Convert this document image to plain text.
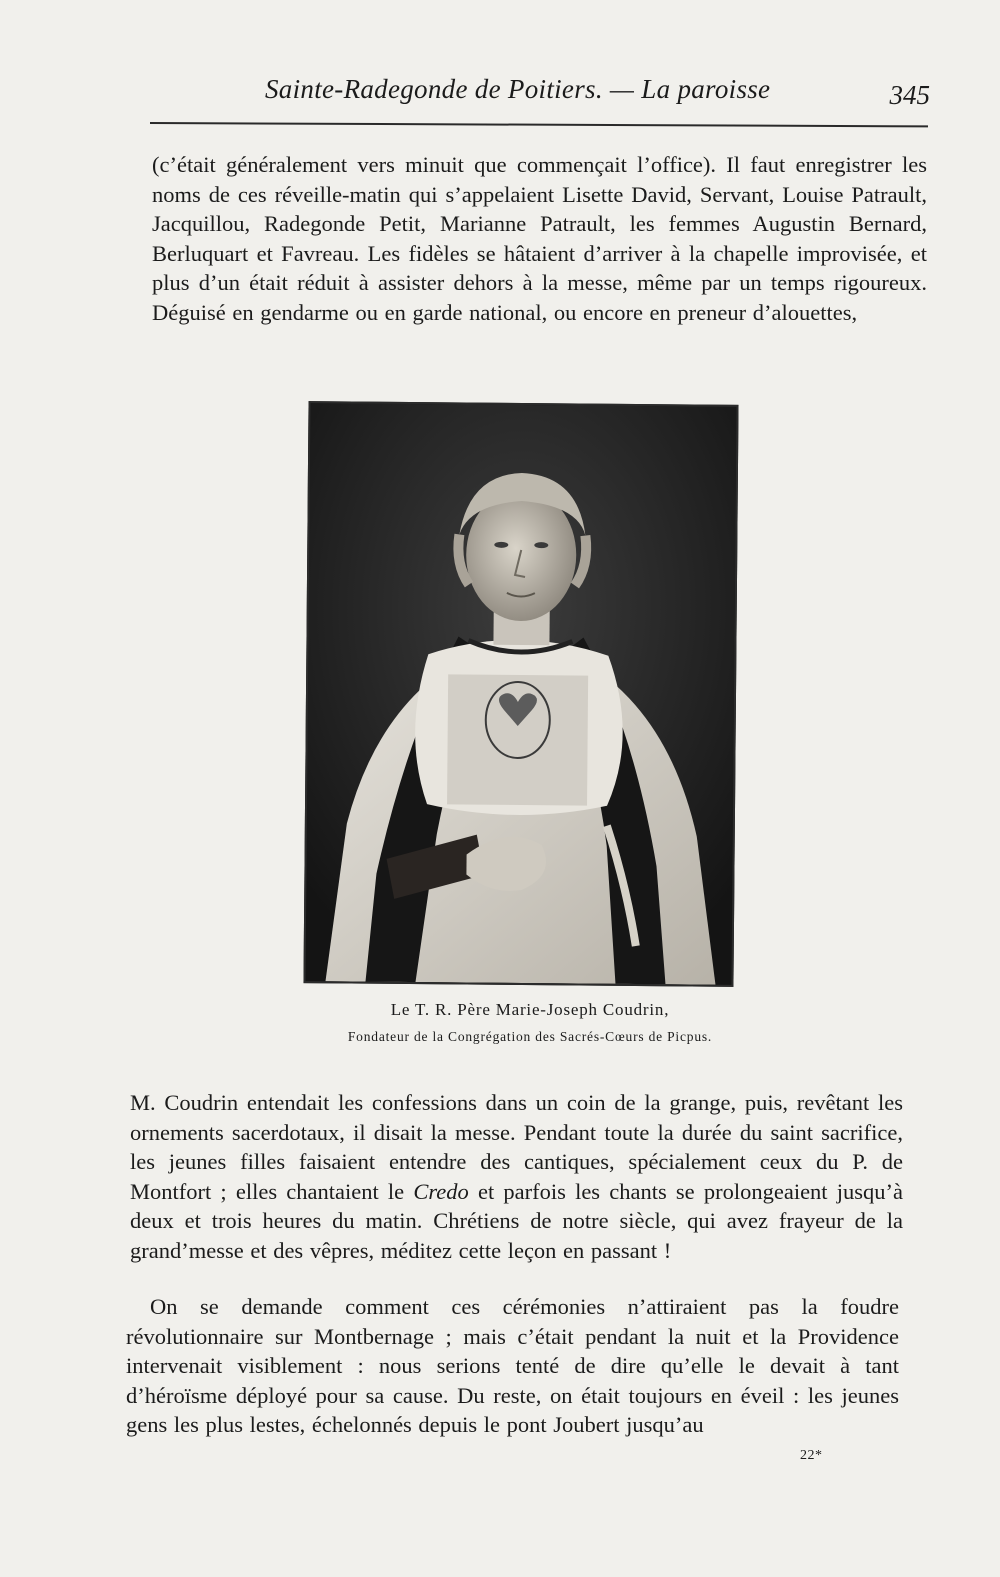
Sainte-Radegonde de Poitiers. — La paroisse	345

(c’était généralement vers minuit que commençait l’office). Il faut enregistrer les noms de ces réveille-matin qui s’appelaient Lisette David, Servant, Louise Patrault, Jacquillou, Radegonde Petit, Marianne Patrault, les femmes Augustin Bernard, Berluquart et Favreau. Les fidèles se hâtaient d’arriver à la chapelle improvisée, et plus d’un était réduit à assister dehors à la messe, même par un temps rigoureux. Déguisé en gendarme ou en garde national, ou encore en preneur d’alouettes,

Le T. R. Père Marie-Joseph Coudrin,
Fondateur de la Congrégation des Sacrés-Cœurs de Picpus.

M. Coudrin entendait les confessions dans un coin de la grange, puis, revêtant les ornements sacerdotaux, il disait la messe. Pendant toute la durée du saint sacrifice, les jeunes filles faisaient entendre des cantiques, spécialement ceux du P. de Montfort ; elles chantaient le Credo et parfois les chants se prolongeaient jusqu’à deux et trois heures du matin. Chrétiens de notre siècle, qui avez frayeur de la grand’messe et des vêpres, méditez cette leçon en passant !

On se demande comment ces cérémonies n’attiraient pas la foudre révolutionnaire sur Montbernage ; mais c’était pendant la nuit et la Providence intervenait visiblement : nous serions tenté de dire qu’elle le devait à tant d’héroïsme déployé pour sa cause. Du reste, on était toujours en éveil : les jeunes gens les plus lestes, échelonnés depuis le pont Joubert jusqu’au

22*
